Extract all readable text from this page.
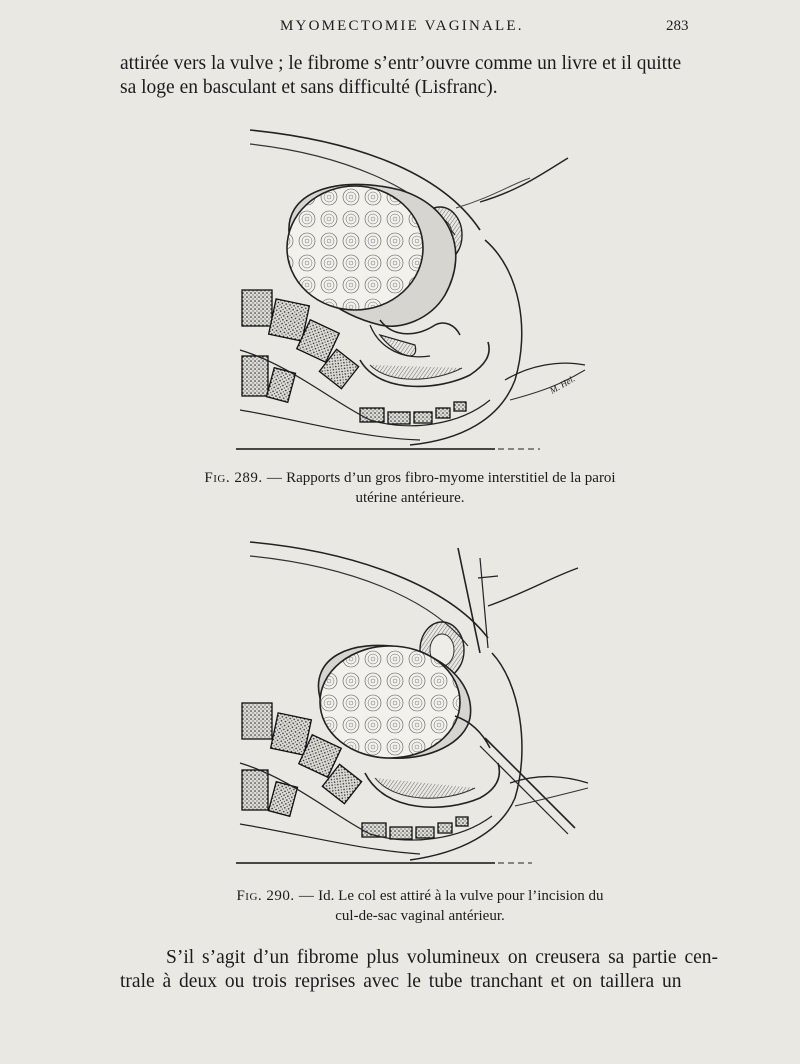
MYOMECTOMIE VAGINALE.	283
attirée vers la vulve ; le fibrome s’entr’ouvre comme un livre et il quitte
sa loge en basculant et sans difficulté (Lisfranc).
M. Hel.
Fig. 289. — Rapports d’un gros fibro-myome interstitiel de la paroi
utérine antérieure.
Fig. 290. — Id. Le col est attiré à la vulve pour l’incision du
cul-de-sac vaginal antérieur.
S’il s’agit d’un fibrome plus volumineux on creusera sa partie cen-
trale à deux ou trois reprises avec le tube tranchant et on taillera un
